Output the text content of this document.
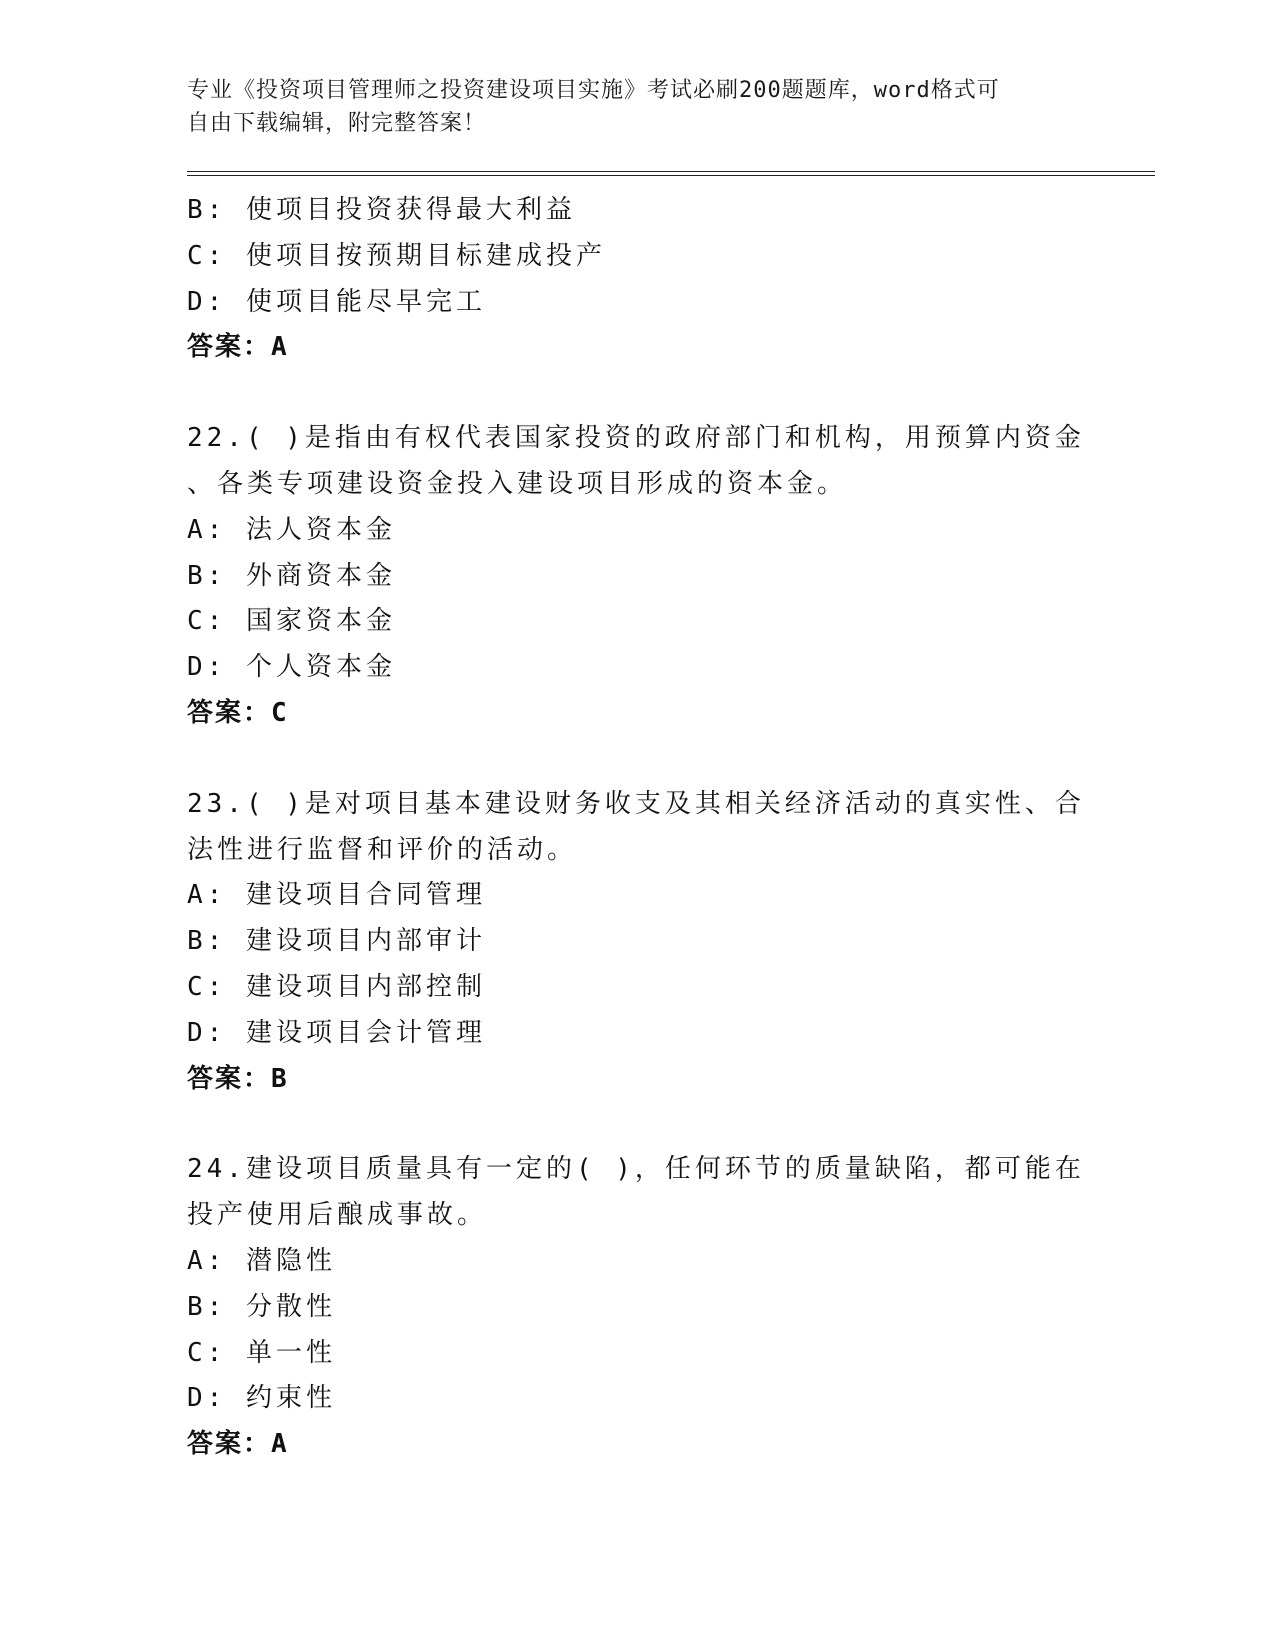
专业《投资项目管理师之投资建设项目实施》考试必刷200题题库，word格式可
自由下载编辑，附完整答案！
B: 使项目投资获得最大利益
C: 使项目按预期目标建成投产
D: 使项目能尽早完工
答案：A
22.( )是指由有权代表国家投资的政府部门和机构，用预算内资金
、各类专项建设资金投入建设项目形成的资本金。
A: 法人资本金
B: 外商资本金
C: 国家资本金
D: 个人资本金
答案：C
23.( )是对项目基本建设财务收支及其相关经济活动的真实性、合
法性进行监督和评价的活动。
A: 建设项目合同管理
B: 建设项目内部审计
C: 建设项目内部控制
D: 建设项目会计管理
答案：B
24.建设项目质量具有一定的( )，任何环节的质量缺陷，都可能在
投产使用后酿成事故。
A: 潜隐性
B: 分散性
C: 单一性
D: 约束性
答案：A
